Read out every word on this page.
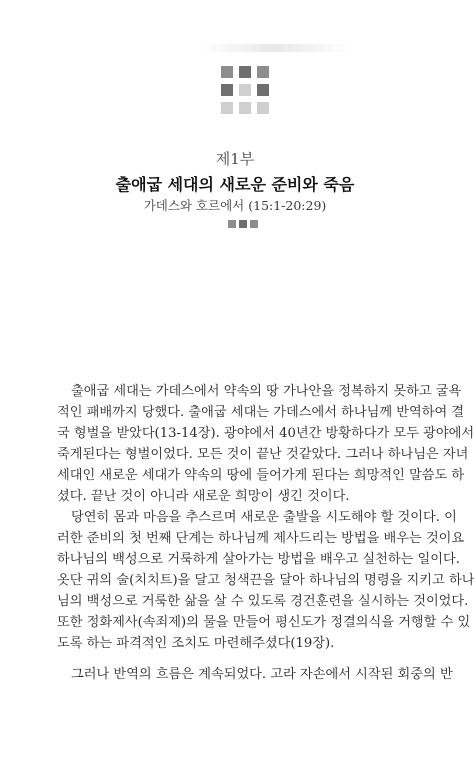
제1부
출애굽 세대의 새로운 준비와 죽음
가데스와 호르에서 (15:1-20:29)
출애굽 세대는 가데스에서 약속의 땅 가나안을 정복하지 못하고 굴욕
적인 패배까지 당했다. 출애굽 세대는 가데스에서 하나님께 반역하여 결
국 형벌을 받았다(13-14장). 광야에서 40년간 방황하다가 모두 광야에서
죽게된다는 형벌이었다. 모든 것이 끝난 것같았다. 그러나 하나님은 자녀
세대인 새로운 세대가 약속의 땅에 들어가게 된다는 희망적인 말씀도 하
셨다. 끝난 것이 아니라 새로운 희망이 생긴 것이다.
당연히 몸과 마음을 추스르며 새로운 출발을 시도해야 할 것이다. 이
러한 준비의 첫 번째 단계는 하나님께 제사드리는 방법을 배우는 것이요
하나님의 백성으로 거룩하게 살아가는 방법을 배우고 실천하는 일이다.
옷단 귀의 술(치치트)을 달고 청색끈을 달아 하나님의 명령을 지키고 하나
님의 백성으로 거룩한 삶을 살 수 있도록 경건훈련을 실시하는 것이었다.
또한 정화제사(속죄제)의 물을 만들어 평신도가 정결의식을 거행할 수 있
도록 하는 파격적인 조치도 마련해주셨다(19장).
그러나 반역의 흐름은 계속되었다. 고라 자손에서 시작된 회중의 반
